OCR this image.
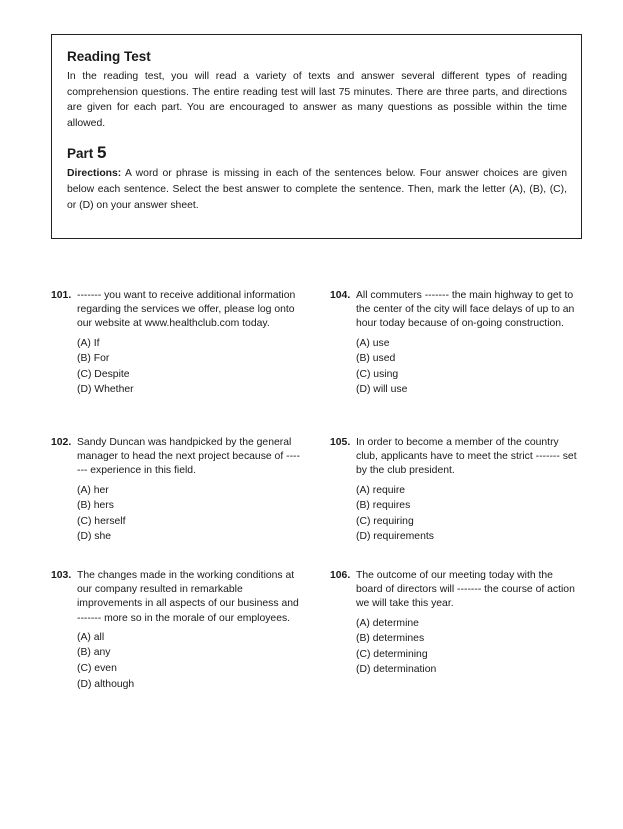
Reading Test

In the reading test, you will read a variety of texts and answer several different types of reading comprehension questions. The entire reading test will last 75 minutes. There are three parts, and directions are given for each part. You are encouraged to answer as many questions as possible within the time allowed.

Part 5

Directions: A word or phrase is missing in each of the sentences below. Four answer choices are given below each sentence. Select the best answer to complete the sentence. Then, mark the letter (A), (B), (C), or (D) on your answer sheet.

101. ------- you want to receive additional information regarding the services we offer, please log onto our website at www.healthclub.com today.
(A) If
(B) For
(C) Despite
(D) Whether
102. Sandy Duncan was handpicked by the general manager to head the next project because of ------- experience in this field.
(A) her
(B) hers
(C) herself
(D) she
103. The changes made in the working conditions at our company resulted in remarkable improvements in all aspects of our business and ------- more so in the morale of our employees.
(A) all
(B) any
(C) even
(D) although
104. All commuters ------- the main highway to get to the center of the city will face delays of up to an hour today because of on-going construction.
(A) use
(B) used
(C) using
(D) will use
105. In order to become a member of the country club, applicants have to meet the strict ------- set by the club president.
(A) require
(B) requires
(C) requiring
(D) requirements
106. The outcome of our meeting today with the board of directors will ------- the course of action we will take this year.
(A) determine
(B) determines
(C) determining
(D) determination
